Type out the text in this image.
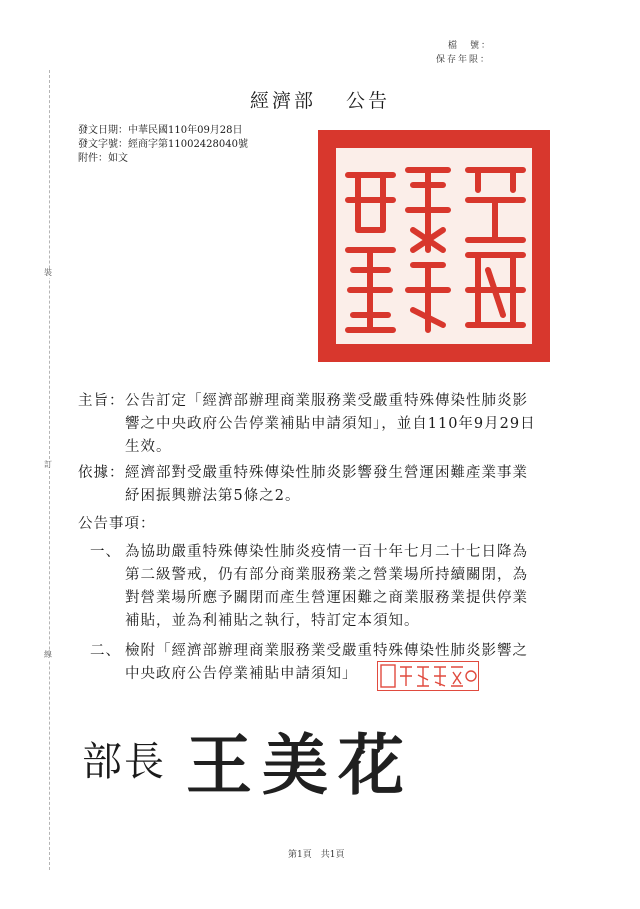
檔　號：
保存年限：
裝
訂
線
經濟部 公告
發文日期：中華民國110年09月28日
發文字號：經商字第11002428040號
附件：如文
主旨： 公告訂定「經濟部辦理商業服務業受嚴重特殊傳染性肺炎影
響之中央政府公告停業補貼申請須知」，並自110年9月29日
生效。
依據： 經濟部對受嚴重特殊傳染性肺炎影響發生營運困難產業事業
紓困振興辦法第5條之2。
公告事項：
一、 為協助嚴重特殊傳染性肺炎疫情一百十年七月二十七日降為
第二級警戒，仍有部分商業服務業之營業場所持續關閉，為
對營業場所應予關閉而產生營運困難之商業服務業提供停業
補貼，並為利補貼之執行，特訂定本須知。
二、 檢附「經濟部辦理商業服務業受嚴重特殊傳染性肺炎影響之
中央政府公告停業補貼申請須知」
部長 王美花
第1頁　共1頁
